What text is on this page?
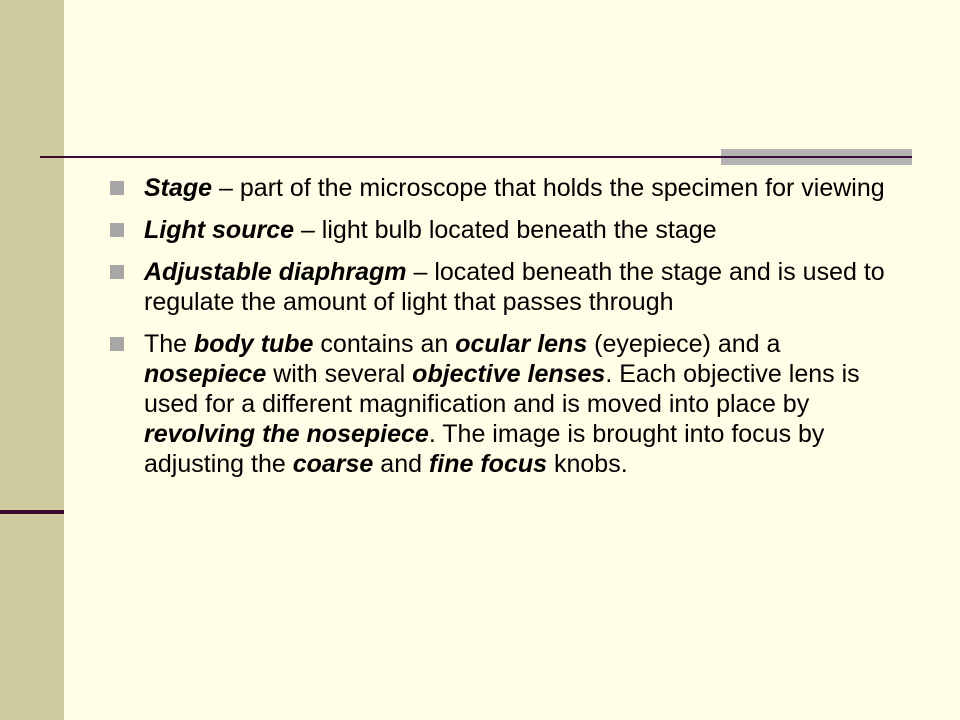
Stage – part of the microscope that holds the specimen for viewing
Light source – light bulb located beneath the stage
Adjustable diaphragm – located beneath the stage and is used to regulate the amount of light that passes through
The body tube contains an ocular lens (eyepiece) and a nosepiece with several objective lenses. Each objective lens is used for a different magnification and is moved into place by revolving the nosepiece. The image is brought into focus by adjusting the coarse and fine focus knobs.
